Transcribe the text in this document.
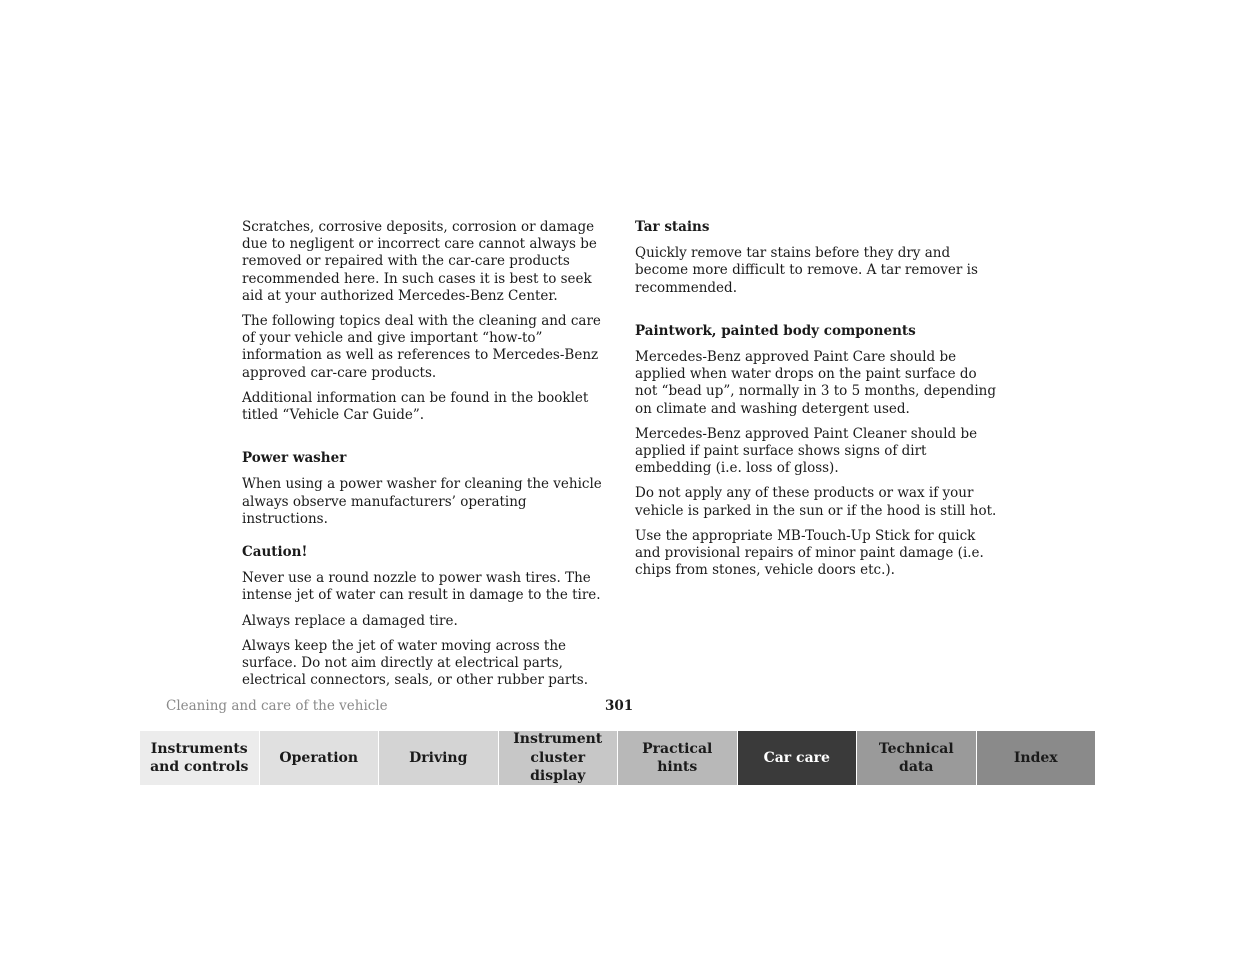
Scratches, corrosive deposits, corrosion or damage due to negligent or incorrect care cannot always be removed or repaired with the car-care products recommended here. In such cases it is best to seek aid at your authorized Mercedes-Benz Center.

The following topics deal with the cleaning and care of your vehicle and give important “how-to” information as well as references to Mercedes-Benz approved car-care products.

Additional information can be found in the booklet titled “Vehicle Car Guide”.

Power washer

When using a power washer for cleaning the vehicle always observe manufacturers’ operating instructions.

Caution!

Never use a round nozzle to power wash tires. The intense jet of water can result in damage to the tire.

Always replace a damaged tire.

Always keep the jet of water moving across the surface. Do not aim directly at electrical parts, electrical connectors, seals, or other rubber parts.

Tar stains

Quickly remove tar stains before they dry and become more difficult to remove. A tar remover is recommended.

Paintwork, painted body components

Mercedes-Benz approved Paint Care should be applied when water drops on the paint surface do not “bead up”, normally in 3 to 5 months, depending on climate and washing detergent used.

Mercedes-Benz approved Paint Cleaner should be applied if paint surface shows signs of dirt embedding (i.e. loss of gloss).

Do not apply any of these products or wax if your vehicle is parked in the sun or if the hood is still hot.

Use the appropriate MB-Touch-Up Stick for quick and provisional repairs of minor paint damage (i.e. chips from stones, vehicle doors etc.).

Cleaning and care of the vehicle	301
Instruments
and controls
Operation	Driving
Instrument
cluster display
Practical hints
Car care
Technical
data
Index
